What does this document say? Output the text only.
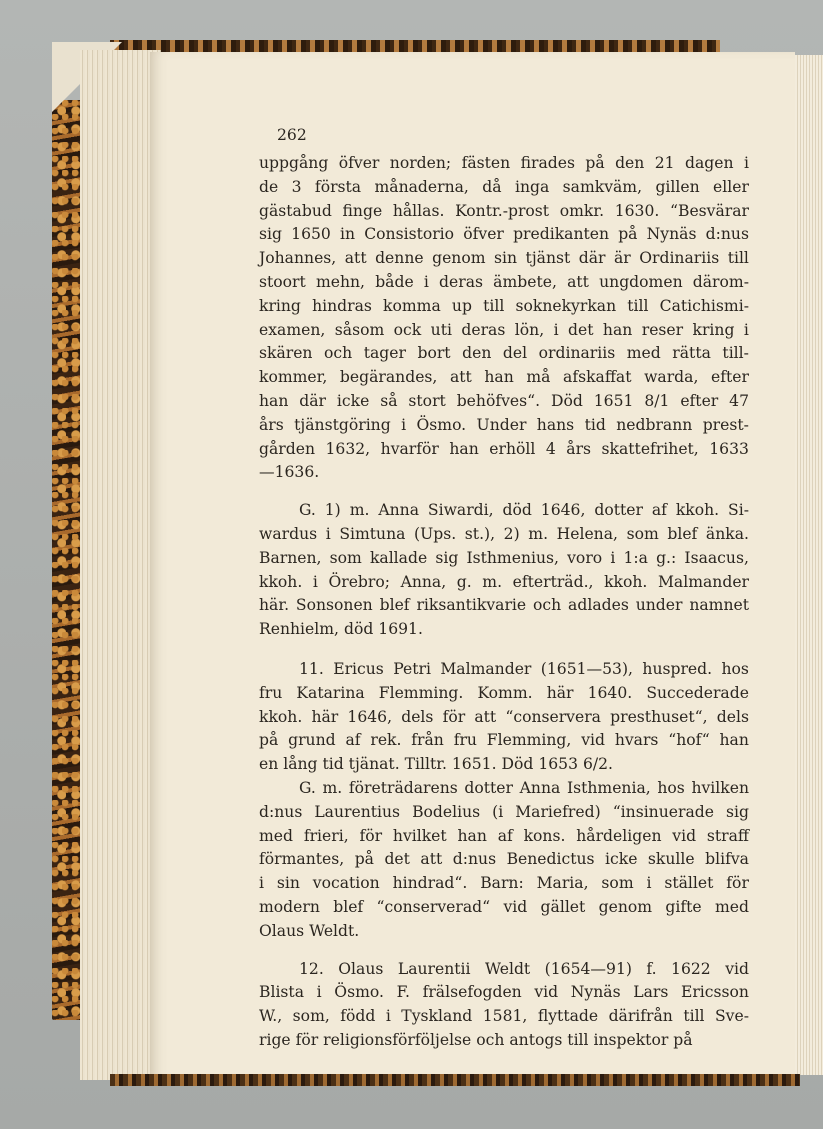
262
uppgång öfver norden; fästen firades på den 21 dagen i
de 3 första månaderna, då inga samkväm, gillen eller
gästabud finge hållas. Kontr.-prost omkr. 1630. “Besvärar
sig 1650 in Consistorio öfver predikanten på Nynäs d:nus
Johannes, att denne genom sin tjänst där är Ordinariis till
stoort mehn, både i deras ämbete, att ungdomen därom-
kring hindras komma up till soknekyrkan till Catichismi-
examen, såsom ock uti deras lön, i det han reser kring i
skären och tager bort den del ordinariis med rätta till-
kommer, begärandes, att han må afskaffat warda, efter
han där icke så stort behöfves“. Död 1651 8/1 efter 47
års tjänstgöring i Ösmo. Under hans tid nedbrann prest-
gården 1632, hvarför han erhöll 4 års skattefrihet, 1633
—1636.
G. 1) m. Anna Siwardi, död 1646, dotter af kkoh. Si-
wardus i Simtuna (Ups. st.), 2) m. Helena, som blef änka.
Barnen, som kallade sig Isthmenius, voro i 1:a g.: Isaacus,
kkoh. i Örebro; Anna, g. m. efterträd., kkoh. Malmander
här. Sonsonen blef riksantikvarie och adlades under namnet
Renhielm, död 1691.
11. Ericus Petri Malmander (1651—53), huspred. hos
fru Katarina Flemming. Komm. här 1640. Succederade
kkoh. här 1646, dels för att “conservera presthuset“, dels
på grund af rek. från fru Flemming, vid hvars “hof“ han
en lång tid tjänat. Tilltr. 1651. Död 1653 6/2.
G. m. företrädarens dotter Anna Isthmenia, hos hvilken
d:nus Laurentius Bodelius (i Mariefred) “insinuerade sig
med frieri, för hvilket han af kons. hårdeligen vid straff
förmantes, på det att d:nus Benedictus icke skulle blifva
i sin vocation hindrad“. Barn: Maria, som i stället för
modern blef “conserverad“ vid gället genom gifte med
Olaus Weldt.
12. Olaus Laurentii Weldt (1654—91) f. 1622 vid
Blista i Ösmo. F. frälsefogden vid Nynäs Lars Ericsson
W., som, född i Tyskland 1581, flyttade därifrån till Sve-
rige för religionsförföljelse och antogs till inspektor på
